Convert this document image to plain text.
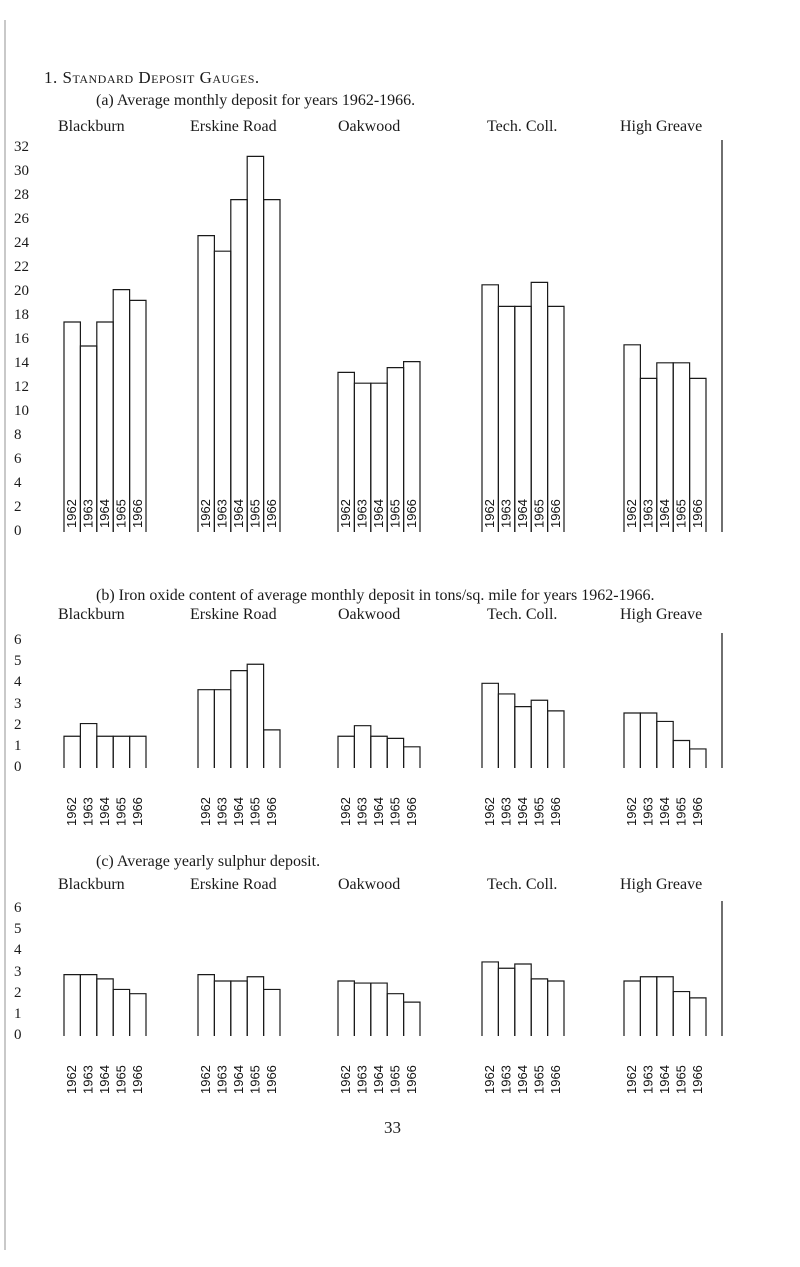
1. Standard Deposit Gauges.
33
(a) Average monthly deposit for years 1962-1966.
Blackburn	Erskine Road	Oakwood	Tech. Coll.	High Greave
32
30
28
26
24
22
20
18
16
14
12
10
8
6
4
2
0
(b) Iron oxide content of average monthly deposit in tons/sq. mile for years 1962-1966.
Blackburn	Erskine Road	Oakwood	Tech. Coll.	High Greave
6
5
4
3
2
1
0
(c) Average yearly sulphur deposit.
Blackburn	Erskine Road	Oakwood	Tech. Coll.	High Greave
6
5
4
3
2
1
0
1962 1963 1964 1965 1966	1962 1963 1964 1965 1966	1962 1963 1964 1965 1966	1962 1963 1964 1965 1966	1962 1963 1964 1965 1966
1962 1963 1964 1965 1966	1962 1963 1964 1965 1966	1962 1963 1964 1965 1966	1962 1963 1964 1965 1966	1962 1963 1964 1965 1966
1962 1963 1964 1965 1966	1962 1963 1964 1965 1966	1962 1963 1964 1965 1966	1962 1963 1964 1965 1966	1962 1963 1964 1965 1966
